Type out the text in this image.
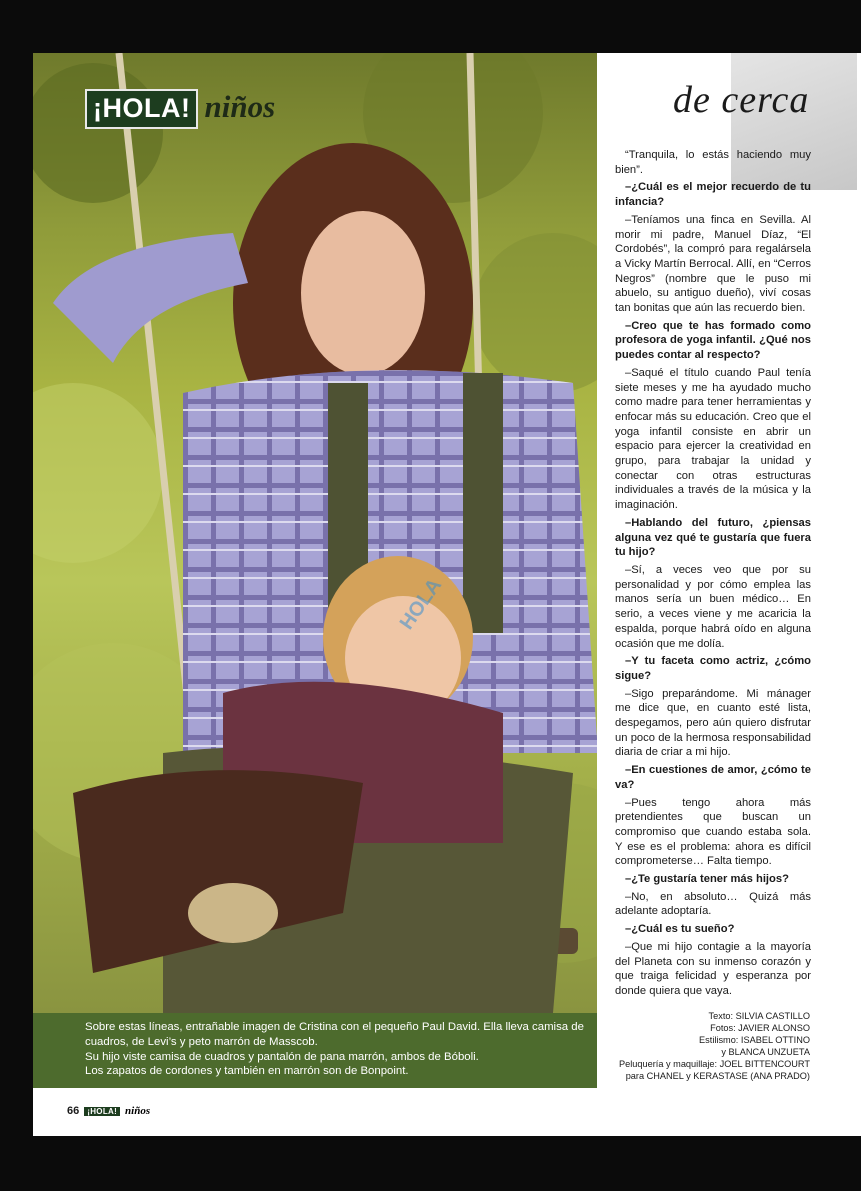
¡HOLA! niños
HOLA

Sobre estas líneas, entrañable imagen de Cristina con el pequeño Paul David. Ella lleva camisa de cuadros, de Levi’s y peto marrón de Masscob.

Su hijo viste camisa de cuadros y pantalón de pana marrón, ambos de Bóboli.

Los zapatos de cordones y también en marrón son de Bonpoint.

de cerca

“Tranquila, lo estás haciendo muy bien”.

–¿Cuál es el mejor recuerdo de tu infancia?

–Teníamos una finca en Sevilla. Al morir mi padre, Manuel Díaz, “El Cordobés”, la compró para regalársela a Vicky Martín Berrocal. Allí, en “Cerros Negros” (nombre que le puso mi abuelo, su antiguo dueño), viví cosas tan bonitas que aún las recuerdo bien.

–Creo que te has formado como profesora de yoga infantil. ¿Qué nos puedes contar al respecto?

–Saqué el título cuando Paul tenía siete meses y me ha ayudado mucho como madre para tener herramientas y enfocar más su educación. Creo que el yoga infantil consiste en abrir un espacio para ejercer la creatividad en grupo, para trabajar la unidad y conectar con otras estructuras individuales a través de la música y la imaginación.

–Hablando del futuro, ¿piensas alguna vez qué te gustaría que fuera tu hijo?

–Sí, a veces veo que por su personalidad y por cómo emplea las manos sería un buen médico… En serio, a veces viene y me acaricia la espalda, porque habrá oído en alguna ocasión que me dolía.

–Y tu faceta como actriz, ¿cómo sigue?

–Sigo preparándome. Mi mánager me dice que, en cuanto esté lista, despegamos, pero aún quiero disfrutar un poco de la hermosa responsabilidad diaria de criar a mi hijo.

–En cuestiones de amor, ¿cómo te va?

–Pues tengo ahora más pretendientes que buscan un compromiso que cuando estaba sola. Y ese es el problema: ahora es difícil comprometerse… Falta tiempo.

–¿Te gustaría tener más hijos?

–No, en absoluto… Quizá más adelante adoptaría.

–¿Cuál es tu sueño?

–Que mi hijo contagie a la mayoría del Planeta con su inmenso corazón y que traiga felicidad y esperanza por donde quiera que vaya.

Texto: SILVIA CASTILLO
Fotos: JAVIER ALONSO
Estilismo: ISABEL OTTINO
y BLANCA UNZUETA
Peluquería y maquillaje: JOEL BITTENCOURT
para CHANEL y KERASTASE (ANA PRADO)
66	¡HOLA! niños
